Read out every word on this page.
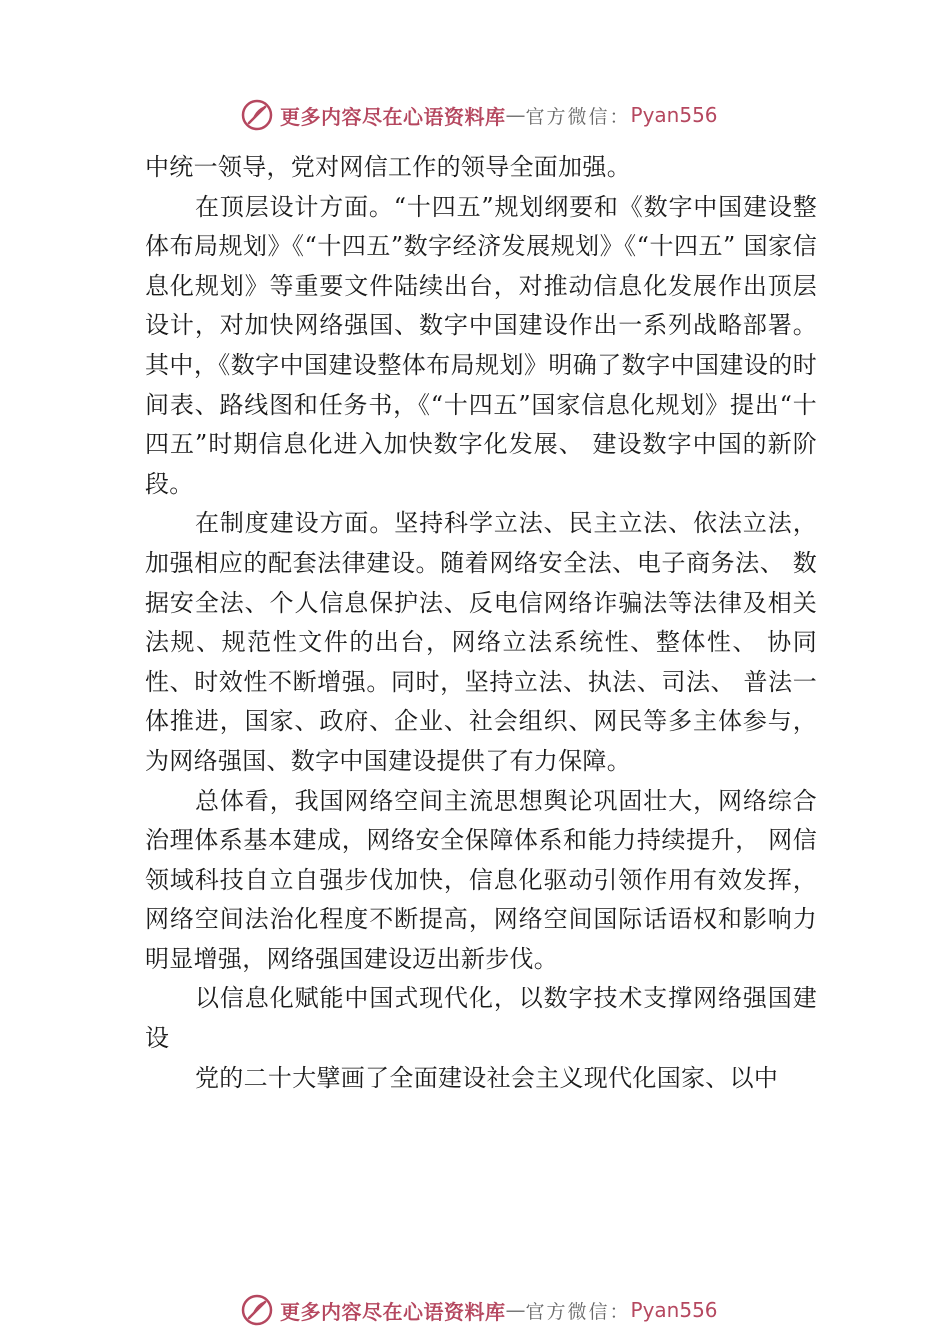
更多内容尽在心语资料库 — 官方微信： Pyan556

中统一领导，党对网信工作的领导全面加强。

在顶层设计方面。“十四五”规划纲要和《数字中国建设整体布局规划》《“十四五”数字经济发展规划》《“十四五” 国家信息化规划》等重要文件陆续出台，对推动信息化发展作出顶层设计，对加快网络强国、数字中国建设作出一系列战略部署。其中，《数字中国建设整体布局规划》明确了数字中国建设的时间表、路线图和任务书，《“十四五”国家信息化规划》提出“十四五”时期信息化进入加快数字化发展、 建设数字中国的新阶段。

在制度建设方面。坚持科学立法、民主立法、依法立法，加强相应的配套法律建设。随着网络安全法、电子商务法、 数据安全法、个人信息保护法、反电信网络诈骗法等法律及相关法规、规范性文件的出台，网络立法系统性、整体性、 协同性、时效性不断增强。同时，坚持立法、执法、司法、 普法一体推进，国家、政府、企业、社会组织、网民等多主体参与，为网络强国、数字中国建设提供了有力保障。

总体看，我国网络空间主流思想舆论巩固壮大，网络综合治理体系基本建成，网络安全保障体系和能力持续提升， 网信领域科技自立自强步伐加快，信息化驱动引领作用有效发挥，网络空间法治化程度不断提高，网络空间国际话语权和影响力明显增强，网络强国建设迈出新步伐。

以信息化赋能中国式现代化，以数字技术支撑网络强国建设

党的二十大擘画了全面建设社会主义现代化国家、以中

更多内容尽在心语资料库 — 官方微信： Pyan556
